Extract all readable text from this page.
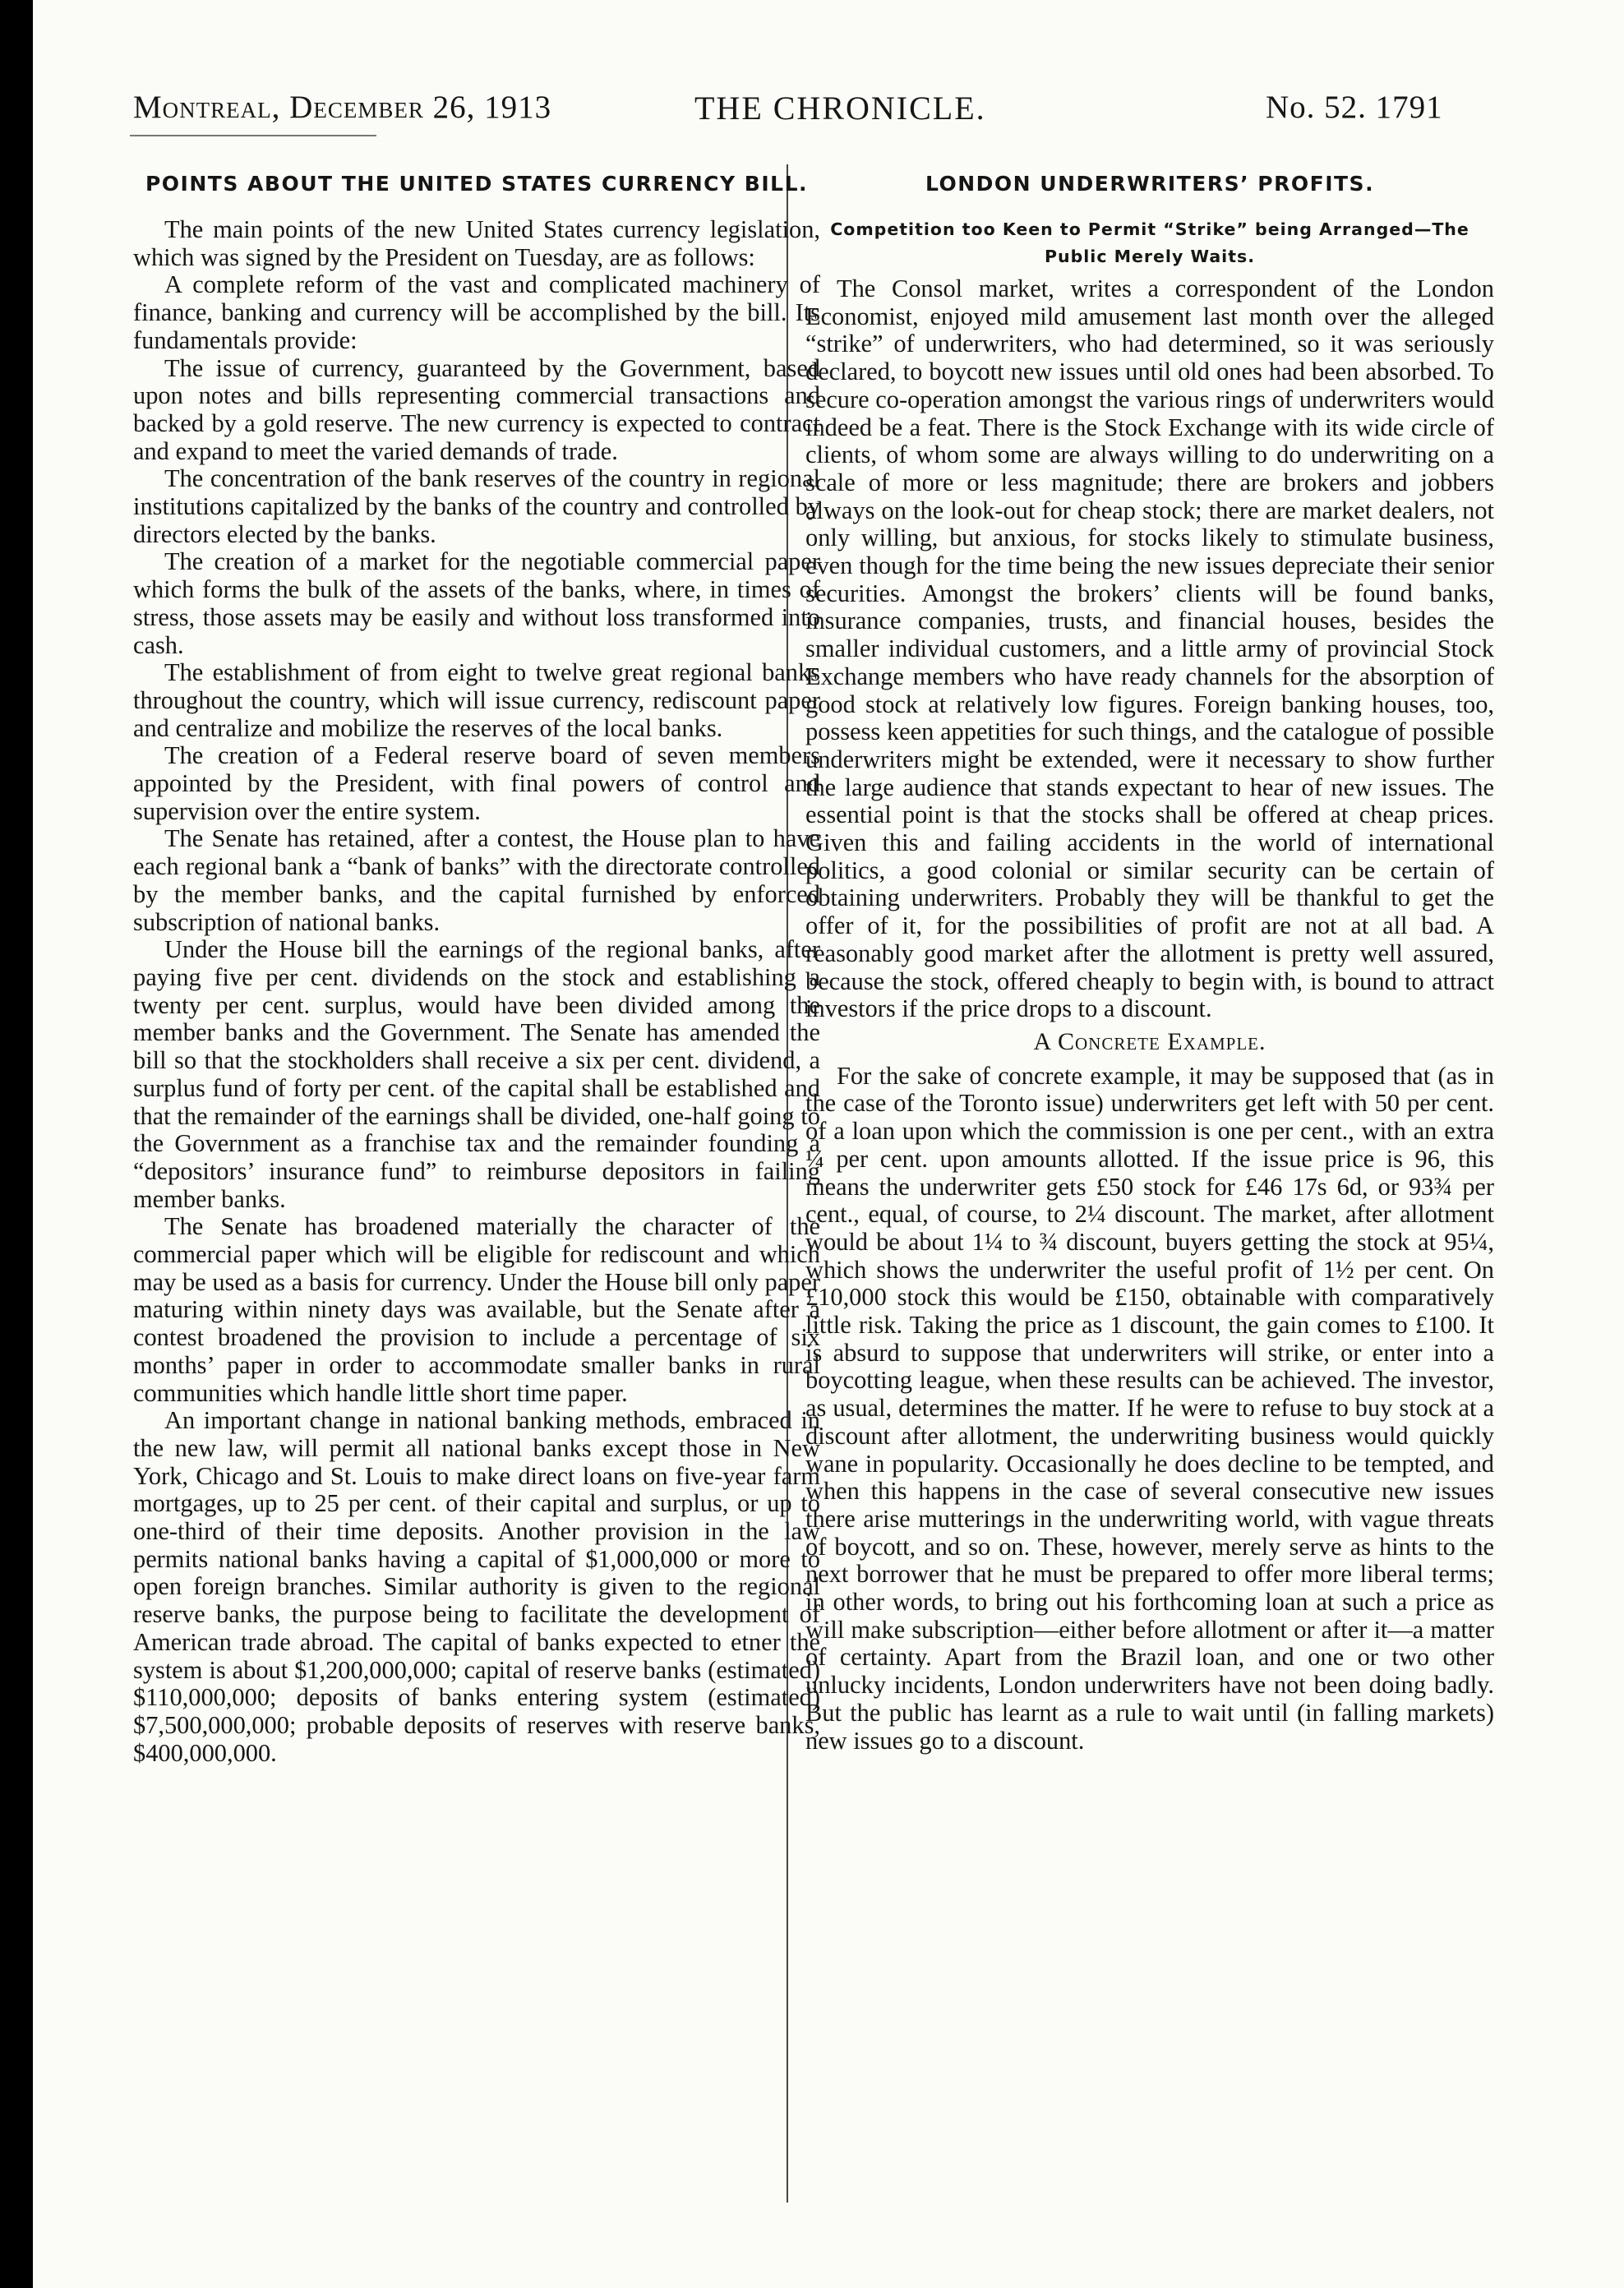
Montreal, December 26, 1913	THE CHRONICLE.	No. 52. 1791
POINTS ABOUT THE UNITED STATES CURRENCY BILL.

The main points of the new United States currency legislation, which was signed by the President on Tuesday, are as follows:

A complete reform of the vast and complicated machinery of finance, banking and currency will be accomplished by the bill. Its fundamentals provide:

The issue of currency, guaranteed by the Government, based upon notes and bills representing commercial transactions and backed by a gold reserve. The new currency is expected to contract and expand to meet the varied demands of trade.

The concentration of the bank reserves of the country in regional institutions capitalized by the banks of the country and controlled by directors elected by the banks.

The creation of a market for the negotiable commercial paper which forms the bulk of the assets of the banks, where, in times of stress, those assets may be easily and without loss transformed into cash.

The establishment of from eight to twelve great regional banks throughout the country, which will issue currency, rediscount paper and centralize and mobilize the reserves of the local banks.

The creation of a Federal reserve board of seven members appointed by the President, with final powers of control and supervision over the entire system.

The Senate has retained, after a contest, the House plan to have each regional bank a “bank of banks” with the directorate controlled by the member banks, and the capital furnished by enforced subscription of national banks.

Under the House bill the earnings of the regional banks, after paying five per cent. dividends on the stock and establishing a twenty per cent. surplus, would have been divided among the member banks and the Government. The Senate has amended the bill so that the stockholders shall receive a six per cent. dividend, a surplus fund of forty per cent. of the capital shall be established and that the remainder of the earnings shall be divided, one-half going to the Government as a franchise tax and the remainder founding a “depositors’ insurance fund” to reimburse depositors in failing member banks.

The Senate has broadened materially the character of the commercial paper which will be eligible for rediscount and which may be used as a basis for currency. Under the House bill only paper maturing within ninety days was available, but the Senate after a contest broadened the provision to include a percentage of six months’ paper in order to accommodate smaller banks in rural communities which handle little short time paper.

An important change in national banking methods, embraced in the new law, will permit all national banks except those in New York, Chicago and St. Louis to make direct loans on five-year farm mortgages, up to 25 per cent. of their capital and surplus, or up to one-third of their time deposits. Another provision in the law permits national banks having a capital of $1,000,000 or more to open foreign branches. Similar authority is given to the regional reserve banks, the purpose being to facilitate the development of American trade abroad. The capital of banks expected to etner the system is about $1,200,000,000; capital of reserve banks (estimated) $110,000,000; deposits of banks entering system (estimated) $7,500,000,000; probable deposits of reserves with reserve banks, $400,000,000.

LONDON UNDERWRITERS’ PROFITS.
Competition too Keen to Permit “Strike” being Arranged—The Public Merely Waits.

The Consol market, writes a correspondent of the London Economist, enjoyed mild amusement last month over the alleged “strike” of underwriters, who had determined, so it was seriously declared, to boycott new issues until old ones had been absorbed. To secure co-operation amongst the various rings of underwriters would indeed be a feat. There is the Stock Exchange with its wide circle of clients, of whom some are always willing to do underwriting on a scale of more or less magnitude; there are brokers and jobbers always on the look-out for cheap stock; there are market dealers, not only willing, but anxious, for stocks likely to stimulate business, even though for the time being the new issues depreciate their senior securities. Amongst the brokers’ clients will be found banks, insurance companies, trusts, and financial houses, besides the smaller individual customers, and a little army of provincial Stock Exchange members who have ready channels for the absorption of good stock at relatively low figures. Foreign banking houses, too, possess keen appetities for such things, and the catalogue of possible underwriters might be extended, were it necessary to show further the large audience that stands expectant to hear of new issues. The essential point is that the stocks shall be offered at cheap prices. Given this and failing accidents in the world of international politics, a good colonial or similar security can be certain of obtaining underwriters. Probably they will be thankful to get the offer of it, for the possibilities of profit are not at all bad. A reasonably good market after the allotment is pretty well assured, because the stock, offered cheaply to begin with, is bound to attract investors if the price drops to a discount.

A Concrete Example.

For the sake of concrete example, it may be supposed that (as in the case of the Toronto issue) underwriters get left with 50 per cent. of a loan upon which the commission is one per cent., with an extra ¼ per cent. upon amounts allotted. If the issue price is 96, this means the underwriter gets £50 stock for £46 17s 6d, or 93¾ per cent., equal, of course, to 2¼ discount. The market, after allotment would be about 1¼ to ¾ discount, buyers getting the stock at 95¼, which shows the underwriter the useful profit of 1½ per cent. On £10,000 stock this would be £150, obtainable with comparatively little risk. Taking the price as 1 discount, the gain comes to £100. It is absurd to suppose that underwriters will strike, or enter into a boycotting league, when these results can be achieved. The investor, as usual, determines the matter. If he were to refuse to buy stock at a discount after allotment, the underwriting business would quickly wane in popularity. Occasionally he does decline to be tempted, and when this happens in the case of several consecutive new issues there arise mutterings in the underwriting world, with vague threats of boycott, and so on. These, however, merely serve as hints to the next borrower that he must be prepared to offer more liberal terms; in other words, to bring out his forthcoming loan at such a price as will make subscription—either before allotment or after it—a matter of certainty. Apart from the Brazil loan, and one or two other unlucky incidents, London underwriters have not been doing badly. But the public has learnt as a rule to wait until (in falling markets) new issues go to a discount.
